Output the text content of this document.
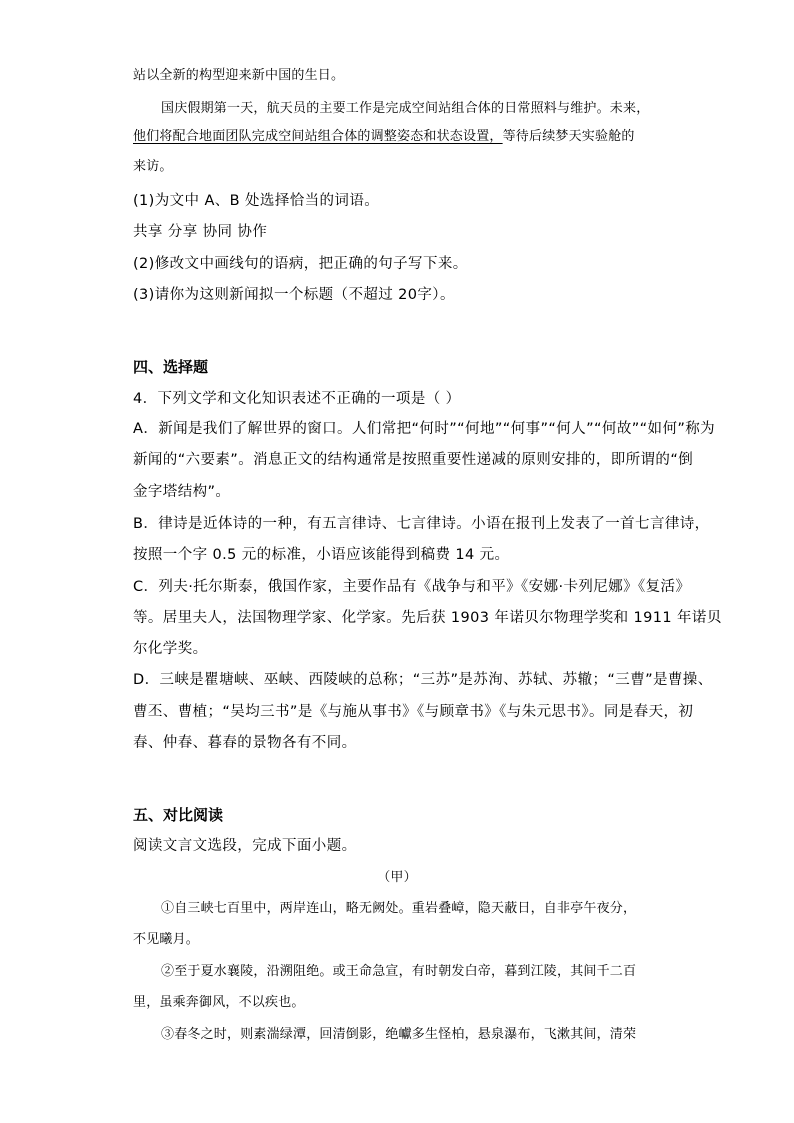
站以全新的构型迎来新中国的生日。
国庆假期第一天，航天员的主要工作是完成空间站组合体的日常照料与维护。未来，
他们将配合地面团队完成空间站组合体的调整姿态和状态设置，等待后续梦天实验舱的
来访。
(1)为文中 A、B 处选择恰当的词语。
共享 分享 协同 协作
(2)修改文中画线句的语病，把正确的句子写下来。
(3)请你为这则新闻拟一个标题（不超过 20字）。
四、选择题
4．下列文学和文化知识表述不正确的一项是（ ）
A．新闻是我们了解世界的窗口。人们常把“何时”“何地”“何事”“何人”“何故”“如何”称为
新闻的“六要素”。消息正文的结构通常是按照重要性递减的原则安排的，即所谓的“倒
金字塔结构”。
B．律诗是近体诗的一种，有五言律诗、七言律诗。小语在报刊上发表了一首七言律诗，
按照一个字 0.5 元的标准，小语应该能得到稿费 14 元。
C．列夫·托尔斯泰，俄国作家，主要作品有《战争与和平》《安娜·卡列尼娜》《复活》
等。居里夫人，法国物理学家、化学家。先后获 1903 年诺贝尔物理学奖和 1911 年诺贝
尔化学奖。
D．三峡是瞿塘峡、巫峡、西陵峡的总称；“三苏”是苏洵、苏轼、苏辙；“三曹”是曹操、
曹丕、曹植；“吴均三书”是《与施从事书》《与顾章书》《与朱元思书》。同是春天，初
春、仲春、暮春的景物各有不同。
五、对比阅读
阅读文言文选段，完成下面小题。
（甲）
①自三峡七百里中，两岸连山，略无阙处。重岩叠嶂，隐天蔽日，自非亭午夜分，
不见曦月。
②至于夏水襄陵，沿溯阻绝。或王命急宣，有时朝发白帝，暮到江陵，其间千二百
里，虽乘奔御风，不以疾也。
③春冬之时，则素湍绿潭，回清倒影，绝巘多生怪柏，悬泉瀑布，飞漱其间，清荣
